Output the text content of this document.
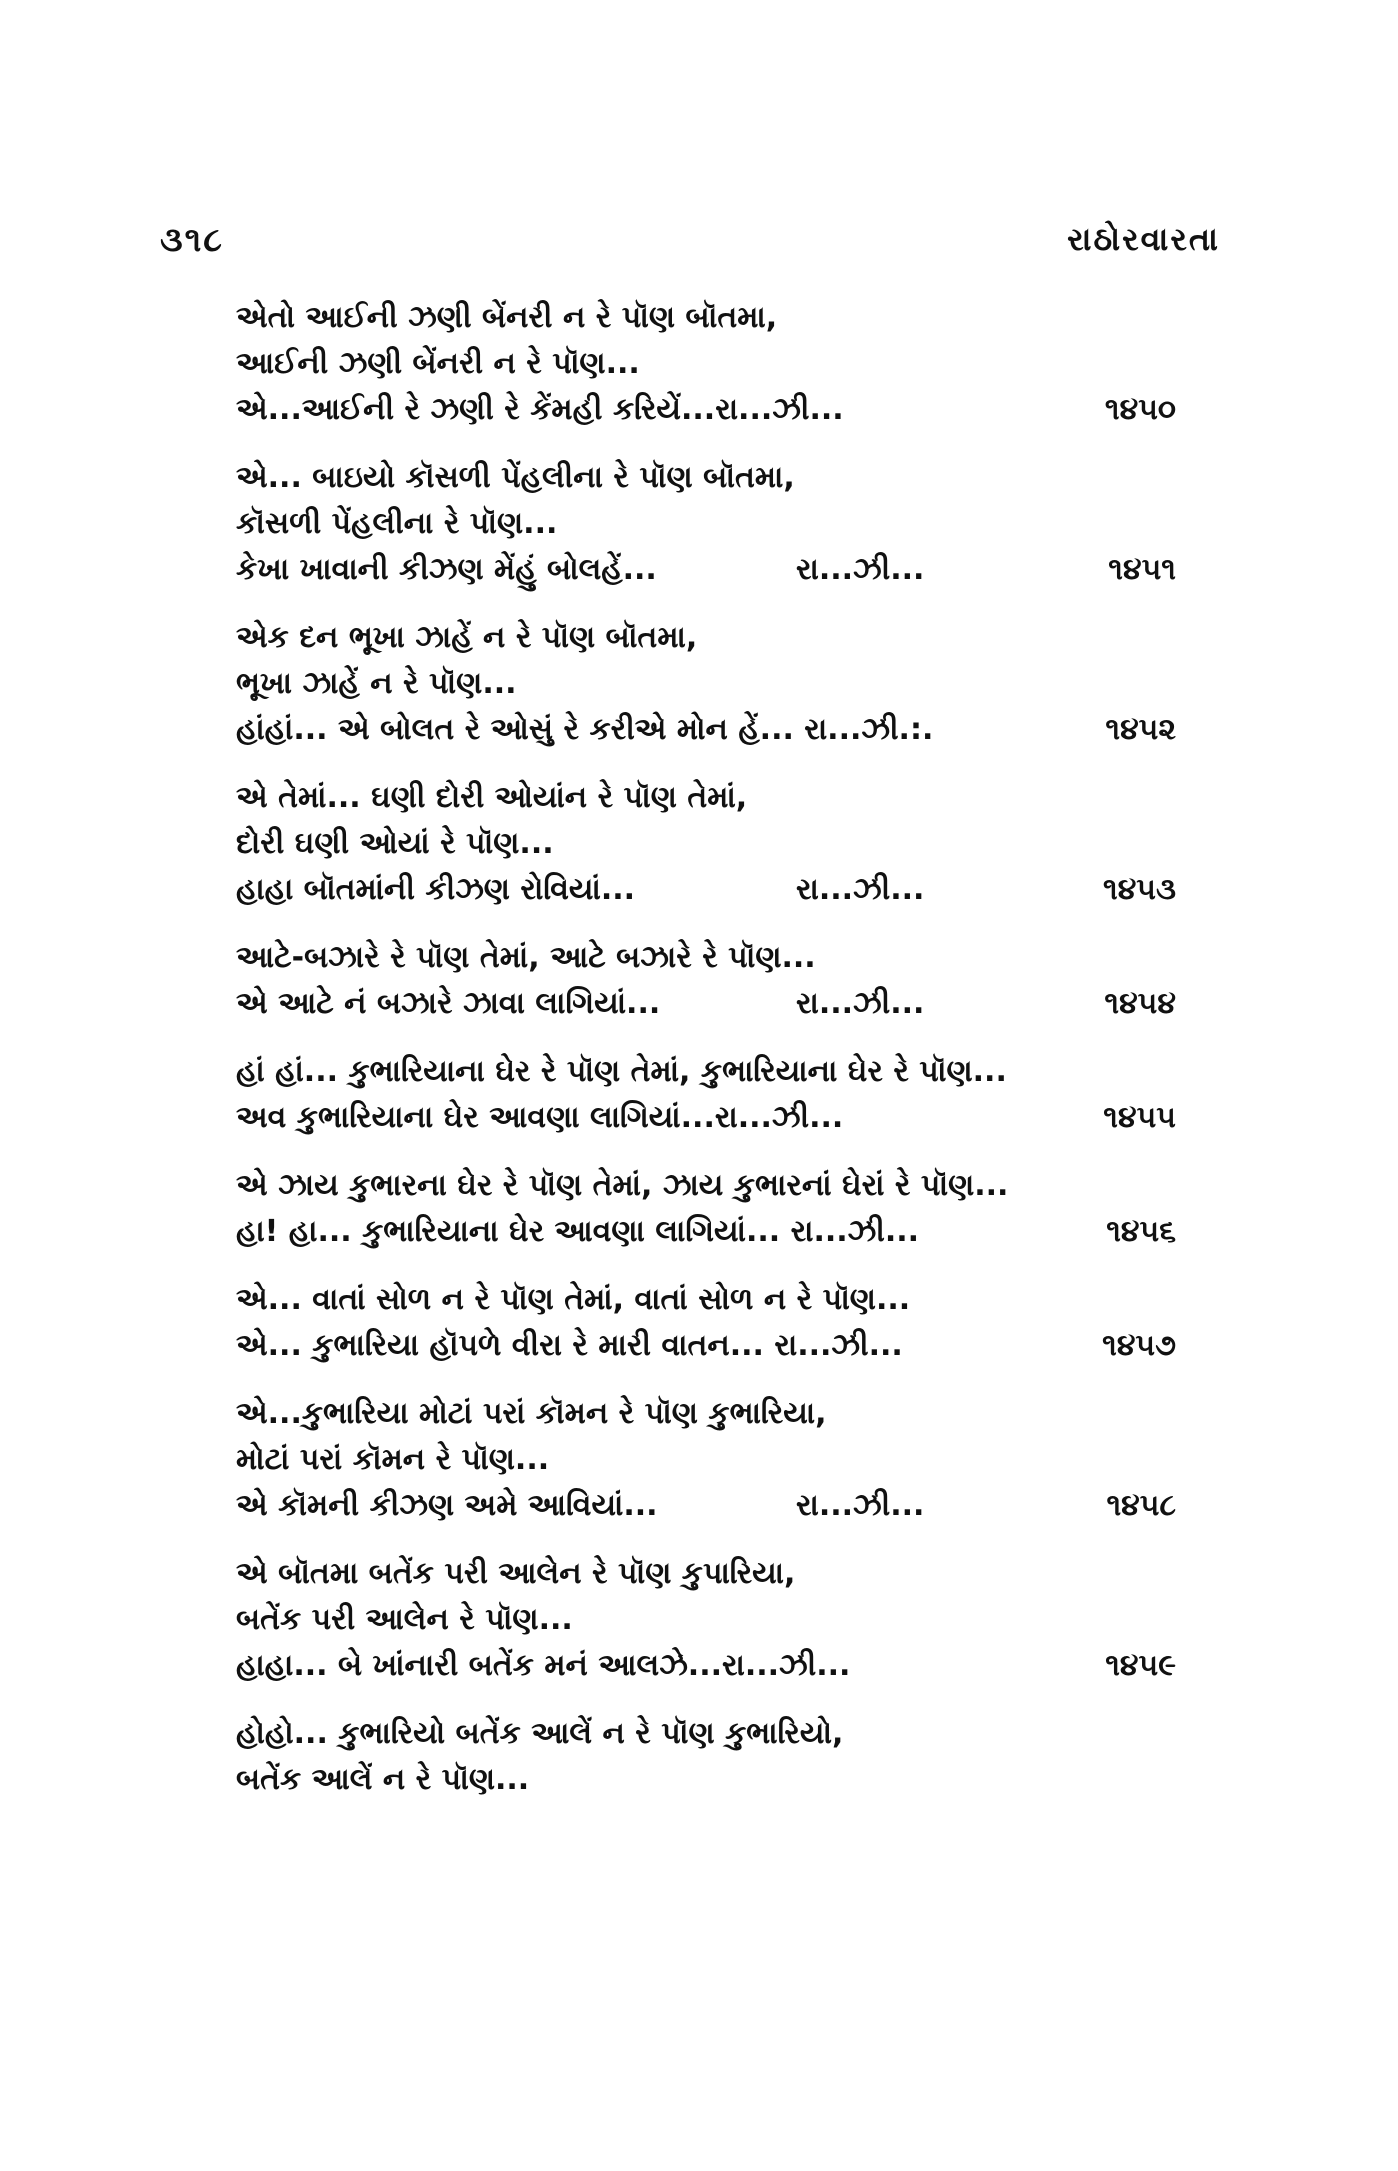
૩૧૮	રાઠોરવારતા
એતો આઈની ઝણી બેંનરી ન રે પૉણ બૉતમા,
આઈની ઝણી બેંનરી ન રે પૉણ...
એ...આઈની રે ઝણી રે કેંમહી કરિયેં...રા...ઝી...	૧૪૫૦
એ... બાઇયો કૉસળી પેંહલીના રે પૉણ બૉતમા,
કૉસળી પેંહલીના રે પૉણ...
કેખા ખાવાની કીઝણ મેંહું બોલહેં...	રા...ઝી...	૧૪૫૧
એક દન ભૂખા ઝાહેં ન રે પૉણ બૉતમા,
ભૂખા ઝાહેં ન રે પૉણ...
હાંહાં... એ બોલત રે ઓસું રે કરીએ મોન હેં... રા...ઝી.:.	૧૪૫૨
એ તેમાં... ઘણી દોરી ઓયાંન રે પૉણ તેમાં,
દોરી ઘણી ઓયાં રે પૉણ...
હાહા બૉતમાંની કીઝણ રોવિયાં...	રા...ઝી...	૧૪૫૩
આટે-બઝારે રે પૉણ તેમાં, આટે બઝારે રે પૉણ...
એ આટે નં બઝારે ઝાવા લાગિયાં...	રા...ઝી...	૧૪૫૪
હાં હાં... કુભારિયાના ઘેર રે પૉણ તેમાં, કુભારિયાના ઘેર રે પૉણ...
અવ કુભારિયાના ઘેર આવણા લાગિયાં...રા...ઝી...	૧૪૫૫
એ ઝાય કુભારના ઘેર રે પૉણ તેમાં, ઝાય કુભારનાં ઘેરાં રે પૉણ...
હા! હા... કુભારિયાના ઘેર આવણા લાગિયાં... રા...ઝી...	૧૪૫૬
એ... વાતાં સોળ ન રે પૉણ તેમાં, વાતાં સોળ ન રે પૉણ...
એ... કુભારિયા હૉપળે વીરા રે મારી વાતન... રા...ઝી...	૧૪૫૭
એ...કુભારિયા મોટાં પરાં કૉમન રે પૉણ કુભારિયા,
મોટાં પરાં કૉમન રે પૉણ...
એ કૉમની કીઝણ અમે આવિયાં...	રા...ઝી...	૧૪૫૮
એ બૉતમા બતેંક પરી આલેન રે પૉણ કુપારિયા,
બતેંક પરી આલેન રે પૉણ...
હાહા... બે ખાંનારી બતેંક મનં આલઝે...રા...ઝી...	૧૪૫૯
હોહો... કુભારિયો બતેંક આલેં ન રે પૉણ કુભારિયો,
બતેંક આલેં ન રે પૉણ...
